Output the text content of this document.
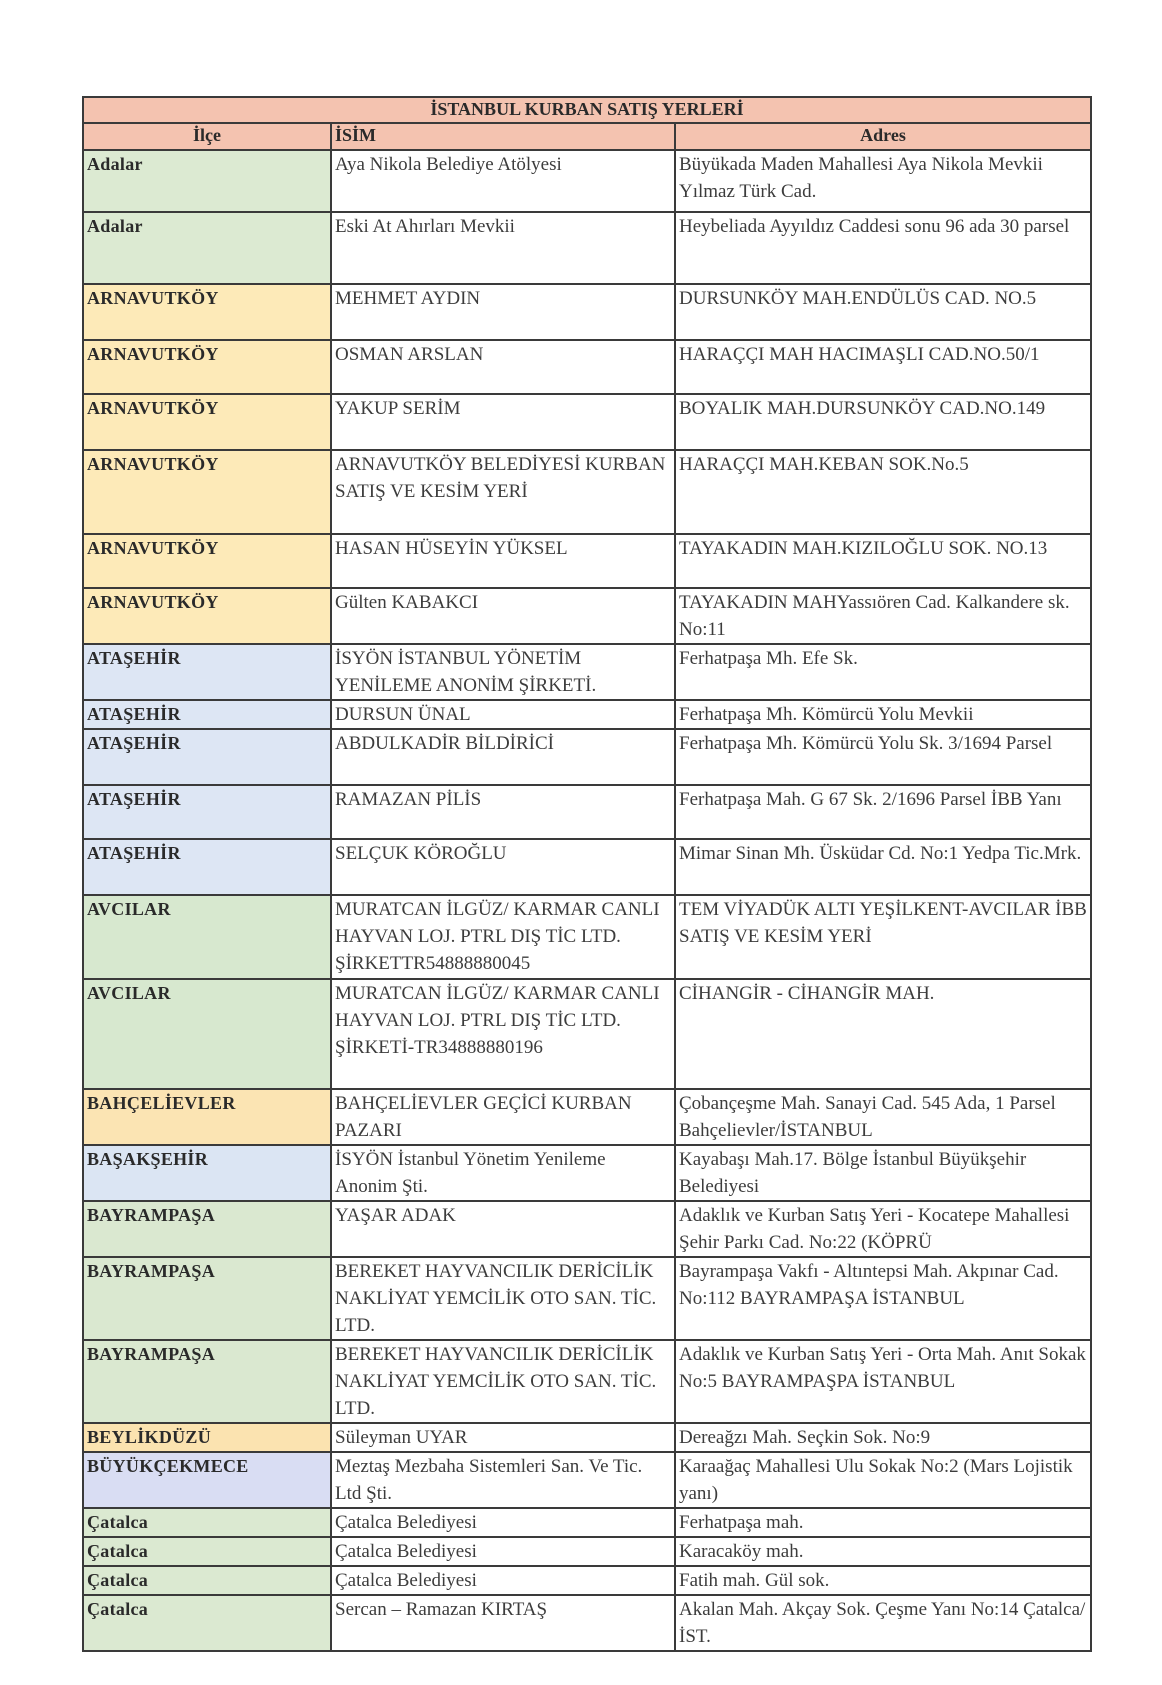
İSTANBUL KURBAN SATIŞ YERLERİ		
İlçe	İSİM	Adres
Adalar	Aya Nikola Belediye Atölyesi	Büyükada Maden Mahallesi Aya Nikola Mevkii Yılmaz Türk Cad.
Adalar	Eski At Ahırları Mevkii	Heybeliada Ayyıldız Caddesi sonu 96 ada 30 parsel
ARNAVUTKÖY	MEHMET AYDIN	DURSUNKÖY MAH.ENDÜLÜS CAD. NO.5
ARNAVUTKÖY	OSMAN ARSLAN	HARAÇÇI MAH HACIMAŞLI CAD.NO.50/1
ARNAVUTKÖY	YAKUP SERİM	BOYALIK MAH.DURSUNKÖY CAD.NO.149
ARNAVUTKÖY	ARNAVUTKÖY BELEDİYESİ KURBAN SATIŞ VE KESİM YERİ	HARAÇÇI MAH.KEBAN SOK.No.5
ARNAVUTKÖY	HASAN HÜSEYİN YÜKSEL	TAYAKADIN MAH.KIZILOĞLU SOK. NO.13
ARNAVUTKÖY	Gülten KABAKCI	TAYAKADIN MAHYassıören Cad. Kalkandere sk. No:11
ATAŞEHİR	İSYÖN İSTANBUL YÖNETİM YENİLEME ANONİM ŞİRKETİ.	Ferhatpaşa Mh. Efe Sk.
ATAŞEHİR	DURSUN ÜNAL	Ferhatpaşa Mh. Kömürcü Yolu Mevkii
ATAŞEHİR	ABDULKADİR BİLDİRİCİ	Ferhatpaşa Mh. Kömürcü Yolu Sk. 3/1694 Parsel
ATAŞEHİR	RAMAZAN PİLİS	Ferhatpaşa Mah. G 67 Sk. 2/1696 Parsel İBB Yanı
ATAŞEHİR	SELÇUK KÖROĞLU	Mimar Sinan Mh. Üsküdar Cd. No:1 Yedpa Tic.Mrk.
AVCILAR	MURATCAN İLGÜZ/ KARMAR CANLI HAYVAN LOJ. PTRL DIŞ TİC LTD. ŞİRKETTR54888880045	TEM VİYADÜK ALTI YEŞİLKENT-AVCILAR İBB SATIŞ VE KESİM YERİ
AVCILAR	MURATCAN İLGÜZ/ KARMAR CANLI HAYVAN LOJ. PTRL DIŞ TİC LTD. ŞİRKETİ-TR34888880196	CİHANGİR - CİHANGİR MAH.
BAHÇELİEVLER	BAHÇELİEVLER GEÇİCİ KURBAN PAZARI	Çobançeşme Mah. Sanayi Cad. 545 Ada, 1 Parsel Bahçelievler/İSTANBUL
BAŞAKŞEHİR	İSYÖN İstanbul Yönetim Yenileme Anonim Şti.	Kayabaşı Mah.17. Bölge İstanbul Büyükşehir Belediyesi
BAYRAMPAŞA	YAŞAR ADAK	Adaklık ve Kurban Satış Yeri - Kocatepe Mahallesi Şehir Parkı Cad. No:22 (KÖPRÜ
BAYRAMPAŞA	BEREKET HAYVANCILIK DERİCİLİK NAKLİYAT YEMCİLİK OTO SAN. TİC. LTD.	Bayrampaşa Vakfı - Altıntepsi Mah. Akpınar Cad. No:112 BAYRAMPAŞA İSTANBUL
BAYRAMPAŞA	BEREKET HAYVANCILIK DERİCİLİK NAKLİYAT YEMCİLİK OTO SAN. TİC. LTD.	Adaklık ve Kurban Satış Yeri - Orta Mah. Anıt Sokak No:5 BAYRAMPAŞPA İSTANBUL
BEYLİKDÜZÜ	Süleyman UYAR	Dereağzı Mah. Seçkin Sok. No:9
BÜYÜKÇEKMECE	Meztaş Mezbaha Sistemleri San. Ve Tic. Ltd Şti.	Karaağaç Mahallesi Ulu Sokak No:2 (Mars Lojistik yanı)
Çatalca	Çatalca Belediyesi	Ferhatpaşa mah.
Çatalca	Çatalca Belediyesi	Karacaköy mah.
Çatalca	Çatalca Belediyesi	Fatih mah. Gül sok.
Çatalca	Sercan – Ramazan KIRTAŞ	Akalan Mah. Akçay Sok. Çeşme Yanı No:14 Çatalca/İST.
